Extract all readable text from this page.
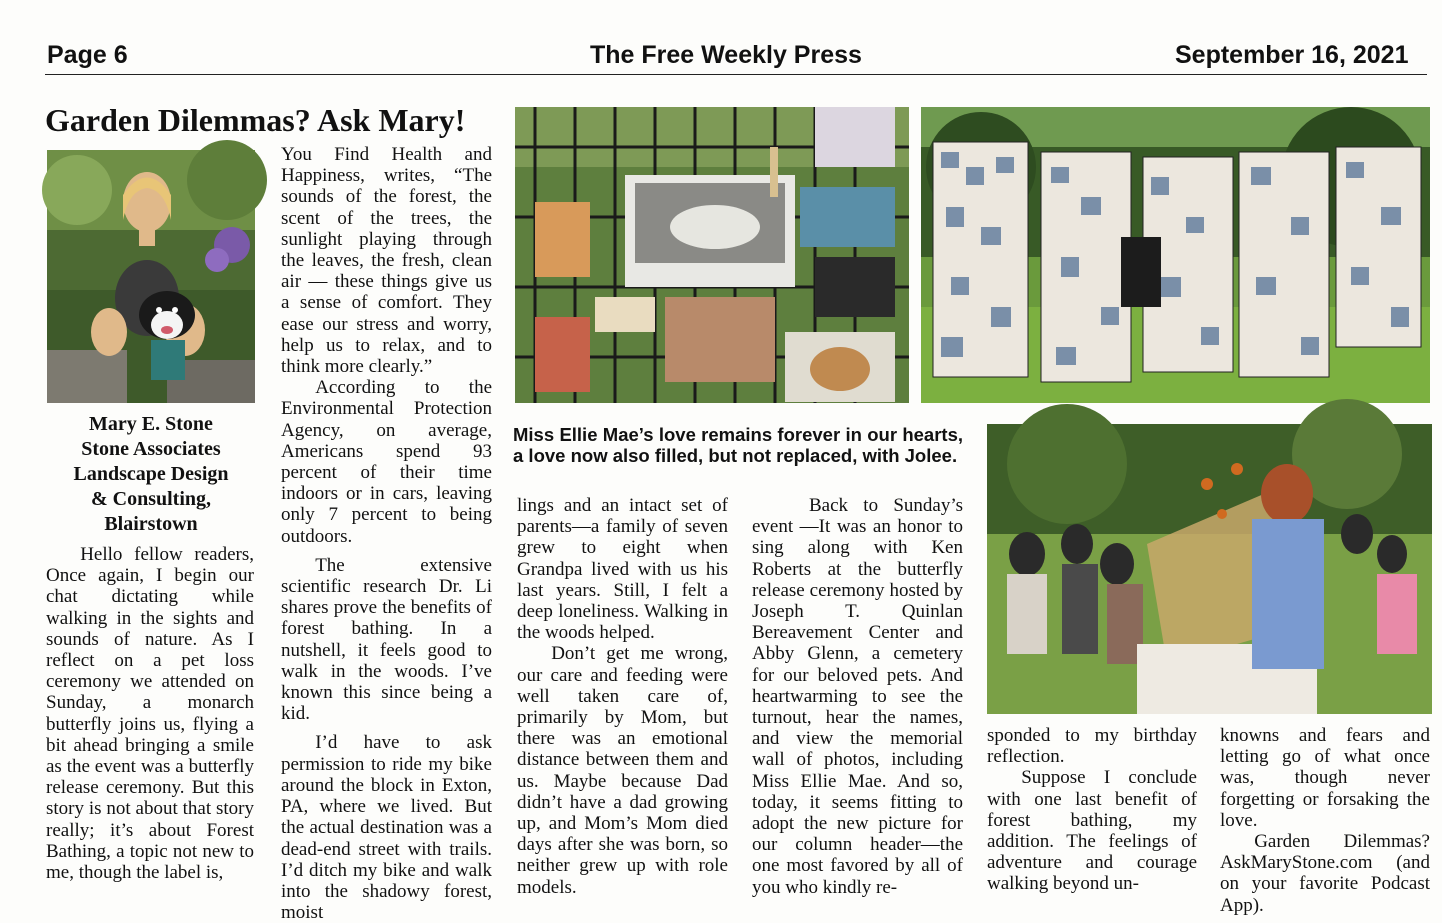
Page 6	The Free Weekly Press	September 16, 2021
Garden Dilemmas? Ask Mary!
Mary E. Stone
Stone Associates
Landscape Design
& Consulting,
Blairstown

Hello fellow readers, Once again, I begin our chat dictating while walking in the sights and sounds of nature. As I reflect on a pet loss ceremony we attended on Sunday, a monarch butterfly joins us, flying a bit ahead bringing a smile as the event was a butterfly release ceremony. But this story is not about that story really; it’s about Forest Bathing, a topic not new to me, though the label is,

You Find Health and Happiness, writes, “The sounds of the forest, the scent of the trees, the sunlight playing through the leaves, the fresh, clean air — these things give us a sense of comfort. They ease our stress and worry, help us to relax, and to think more clearly.”

According to the Environmental Protection Agency, on average, Americans spend 93 percent of their time indoors or in cars, leaving only 7 percent to being outdoors.

The extensive scientific research Dr. Li shares prove the benefits of forest bathing. In a nutshell, it feels good to walk in the woods. I’ve known this since being a kid.

I’d have to ask permission to ride my bike around the block in Exton, PA, where we lived. But the actual destination was a dead-end street with trails. I’d ditch my bike and walk into the shadowy forest, moist

Miss Ellie Mae’s love remains forever in our hearts, a love now also filled, but not replaced, with Jolee.

lings and an intact set of parents—a family of seven grew to eight when Grandpa lived with us his last years. Still, I felt a deep loneliness. Walking in the woods helped.

Don’t get me wrong, our care and feeding were well taken care of, primarily by Mom, but there was an emotional distance between them and us. Maybe because Dad didn’t have a dad growing up, and Mom’s Mom died days after she was born, so neither grew up with role models.

Back to Sunday’s event —It was an honor to sing along with Ken Roberts at the butterfly release ceremony hosted by Joseph T. Quinlan Bereavement Center and Abby Glenn, a cemetery for our beloved pets. And heartwarming to see the turnout, hear the names, and view the memorial wall of photos, including Miss Ellie Mae. And so, today, it seems fitting to adopt the new picture for our column header—the one most favored by all of you who kindly re-

sponded to my birthday reflection.

Suppose I conclude with one last benefit of forest bathing, my addition. The feelings of adventure and courage walking beyond un-

knowns and fears and letting go of what once was, though never forgetting or forsaking the love.

Garden Dilemmas? AskMaryStone.com (and on your favorite Podcast App).
